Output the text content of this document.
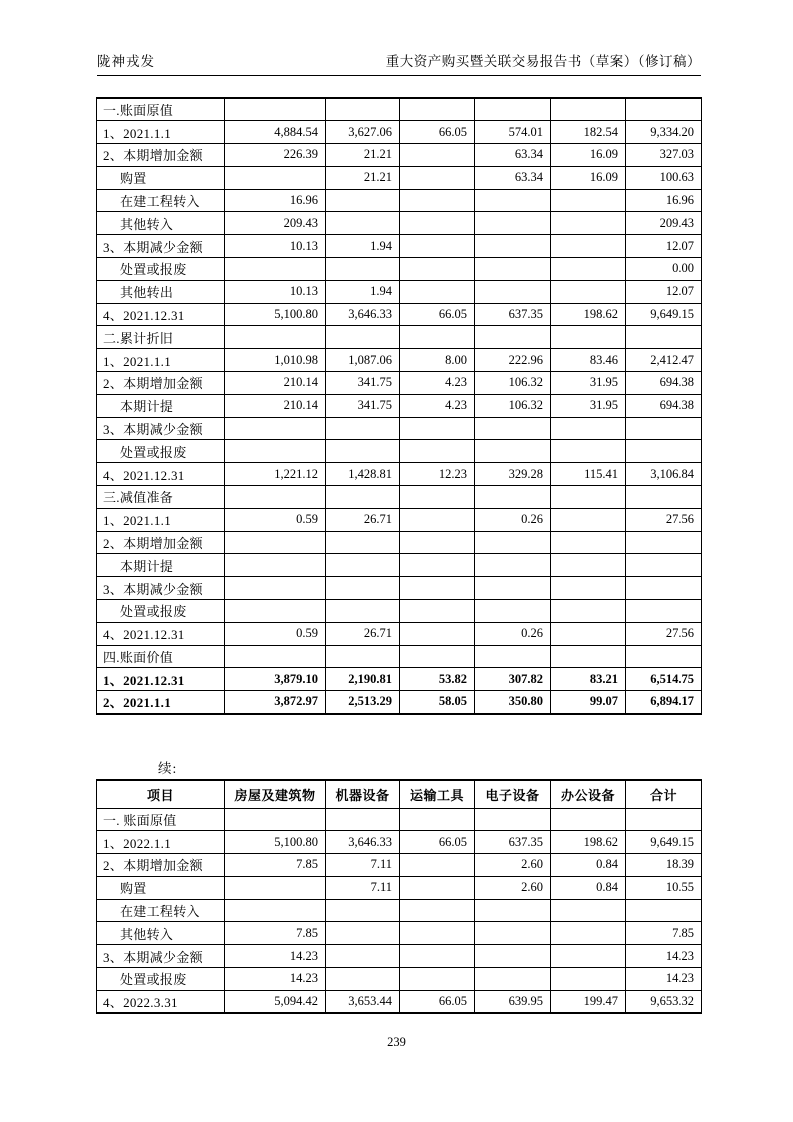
陇神戎发	重大资产购买暨关联交易报告书（草案）（修订稿）
一.账面原值						
1、2021.1.1	4,884.54	3,627.06	66.05	574.01	182.54	9,334.20
2、本期增加金额	226.39	21.21		63.34	16.09	327.03
购置		21.21		63.34	16.09	100.63
在建工程转入	16.96					16.96
其他转入	209.43					209.43
3、本期减少金额	10.13	1.94				12.07
处置或报废						0.00
其他转出	10.13	1.94				12.07
4、2021.12.31	5,100.80	3,646.33	66.05	637.35	198.62	9,649.15
二.累计折旧						
1、2021.1.1	1,010.98	1,087.06	8.00	222.96	83.46	2,412.47
2、本期增加金额	210.14	341.75	4.23	106.32	31.95	694.38
本期计提	210.14	341.75	4.23	106.32	31.95	694.38
3、本期减少金额						
处置或报废						
4、2021.12.31	1,221.12	1,428.81	12.23	329.28	115.41	3,106.84
三.减值准备						
1、2021.1.1	0.59	26.71		0.26		27.56
2、本期增加金额						
本期计提						
3、本期减少金额						
处置或报废						
4、2021.12.31	0.59	26.71		0.26		27.56
四.账面价值						
1、2021.12.31	3,879.10	2,190.81	53.82	307.82	83.21	6,514.75
2、2021.1.1	3,872.97	2,513.29	58.05	350.80	99.07	6,894.17
续:
项目	房屋及建筑物	机器设备	运输工具	电子设备	办公设备	合计
一. 账面原值						
1、2022.1.1	5,100.80	3,646.33	66.05	637.35	198.62	9,649.15
2、本期增加金额	7.85	7.11		2.60	0.84	18.39
购置		7.11		2.60	0.84	10.55
在建工程转入						
其他转入	7.85					7.85
3、本期减少金额	14.23					14.23
处置或报废	14.23					14.23
4、2022.3.31	5,094.42	3,653.44	66.05	639.95	199.47	9,653.32
239
